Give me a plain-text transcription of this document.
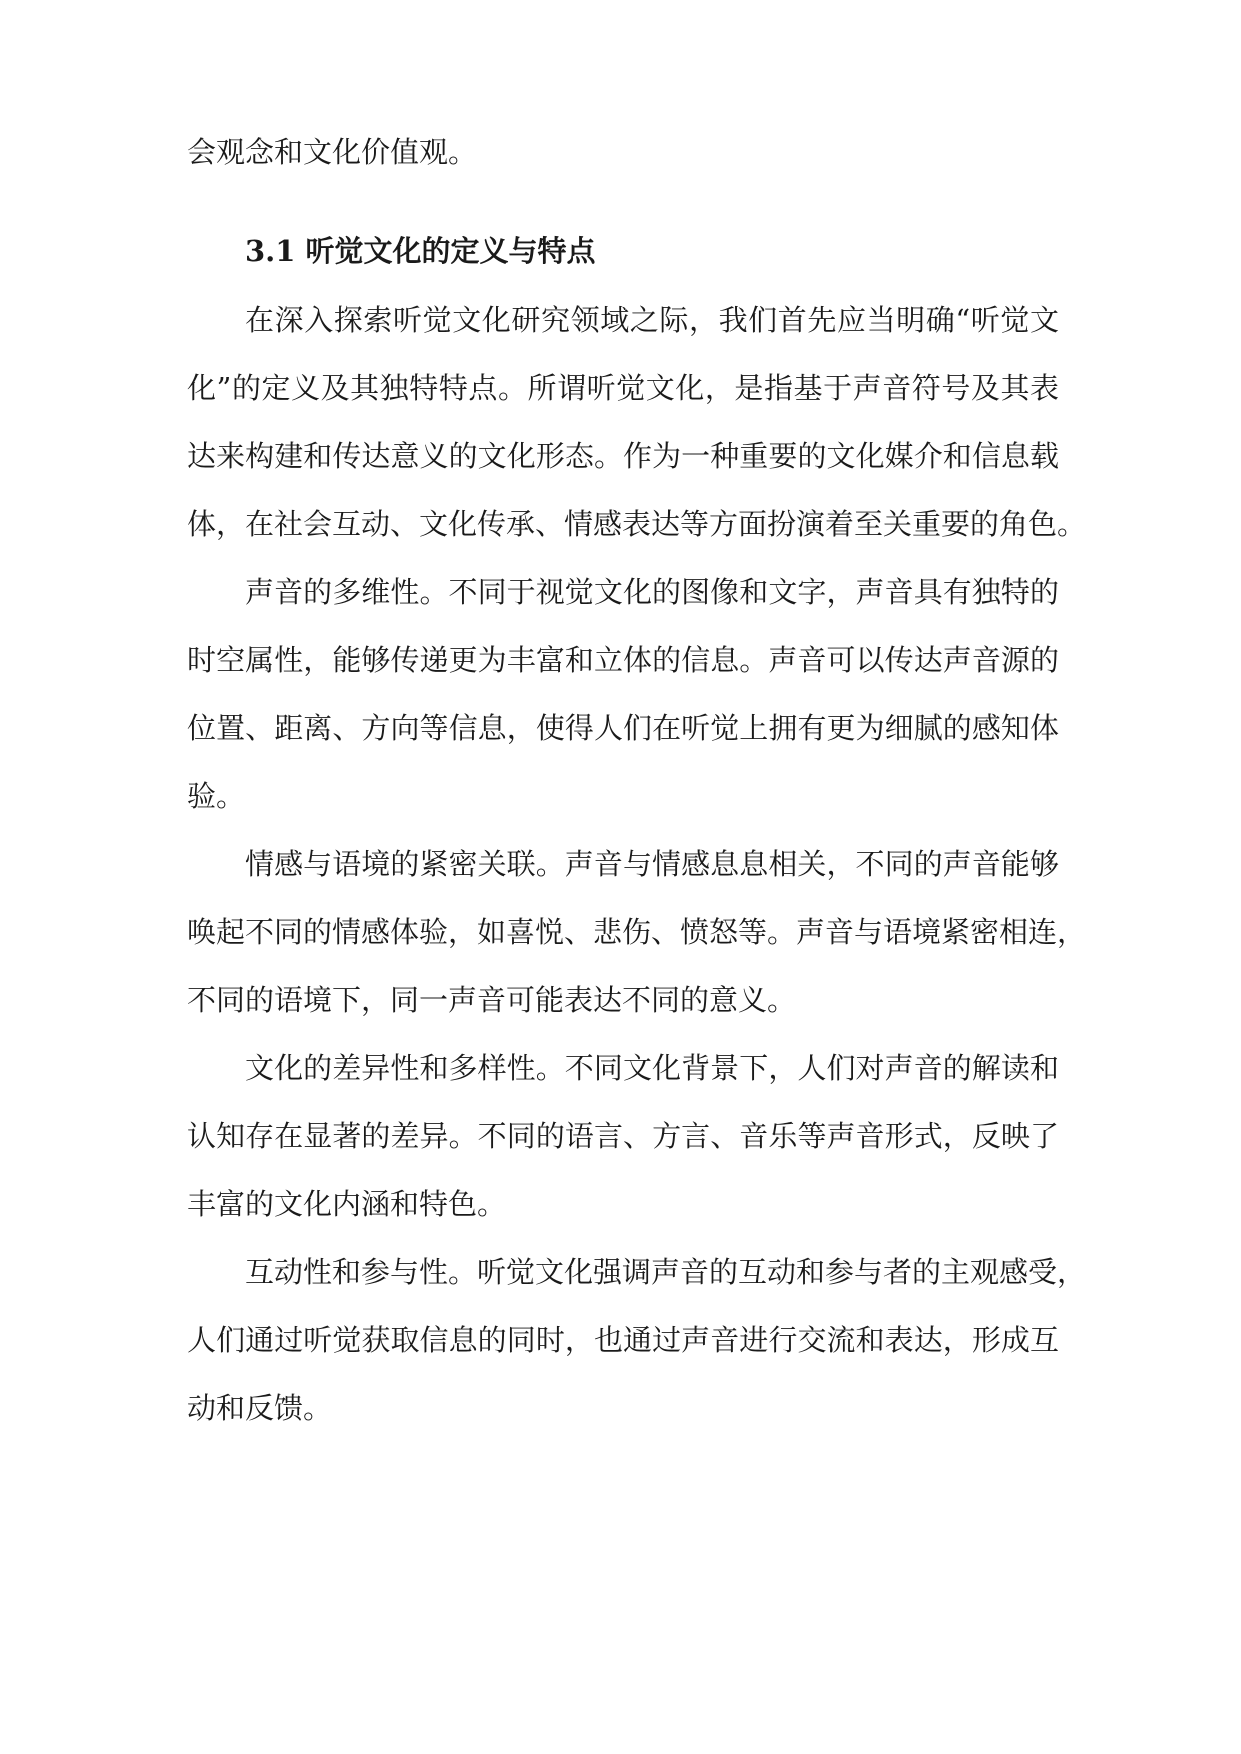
会观念和文化价值观。

3.1 听觉文化的定义与特点

在深入探索听觉文化研究领域之际，我们首先应当明确“听觉文

化”的定义及其独特特点。所谓听觉文化，是指基于声音符号及其表

达来构建和传达意义的文化形态。作为一种重要的文化媒介和信息载

体，在社会互动、文化传承、情感表达等方面扮演着至关重要的角色。

声音的多维性。不同于视觉文化的图像和文字，声音具有独特的

时空属性，能够传递更为丰富和立体的信息。声音可以传达声音源的

位置、距离、方向等信息，使得人们在听觉上拥有更为细腻的感知体

验。

情感与语境的紧密关联。声音与情感息息相关，不同的声音能够

唤起不同的情感体验，如喜悦、悲伤、愤怒等。声音与语境紧密相连，

不同的语境下，同一声音可能表达不同的意义。

文化的差异性和多样性。不同文化背景下，人们对声音的解读和

认知存在显著的差异。不同的语言、方言、音乐等声音形式，反映了

丰富的文化内涵和特色。

互动性和参与性。听觉文化强调声音的互动和参与者的主观感受，

人们通过听觉获取信息的同时，也通过声音进行交流和表达，形成互

动和反馈。
